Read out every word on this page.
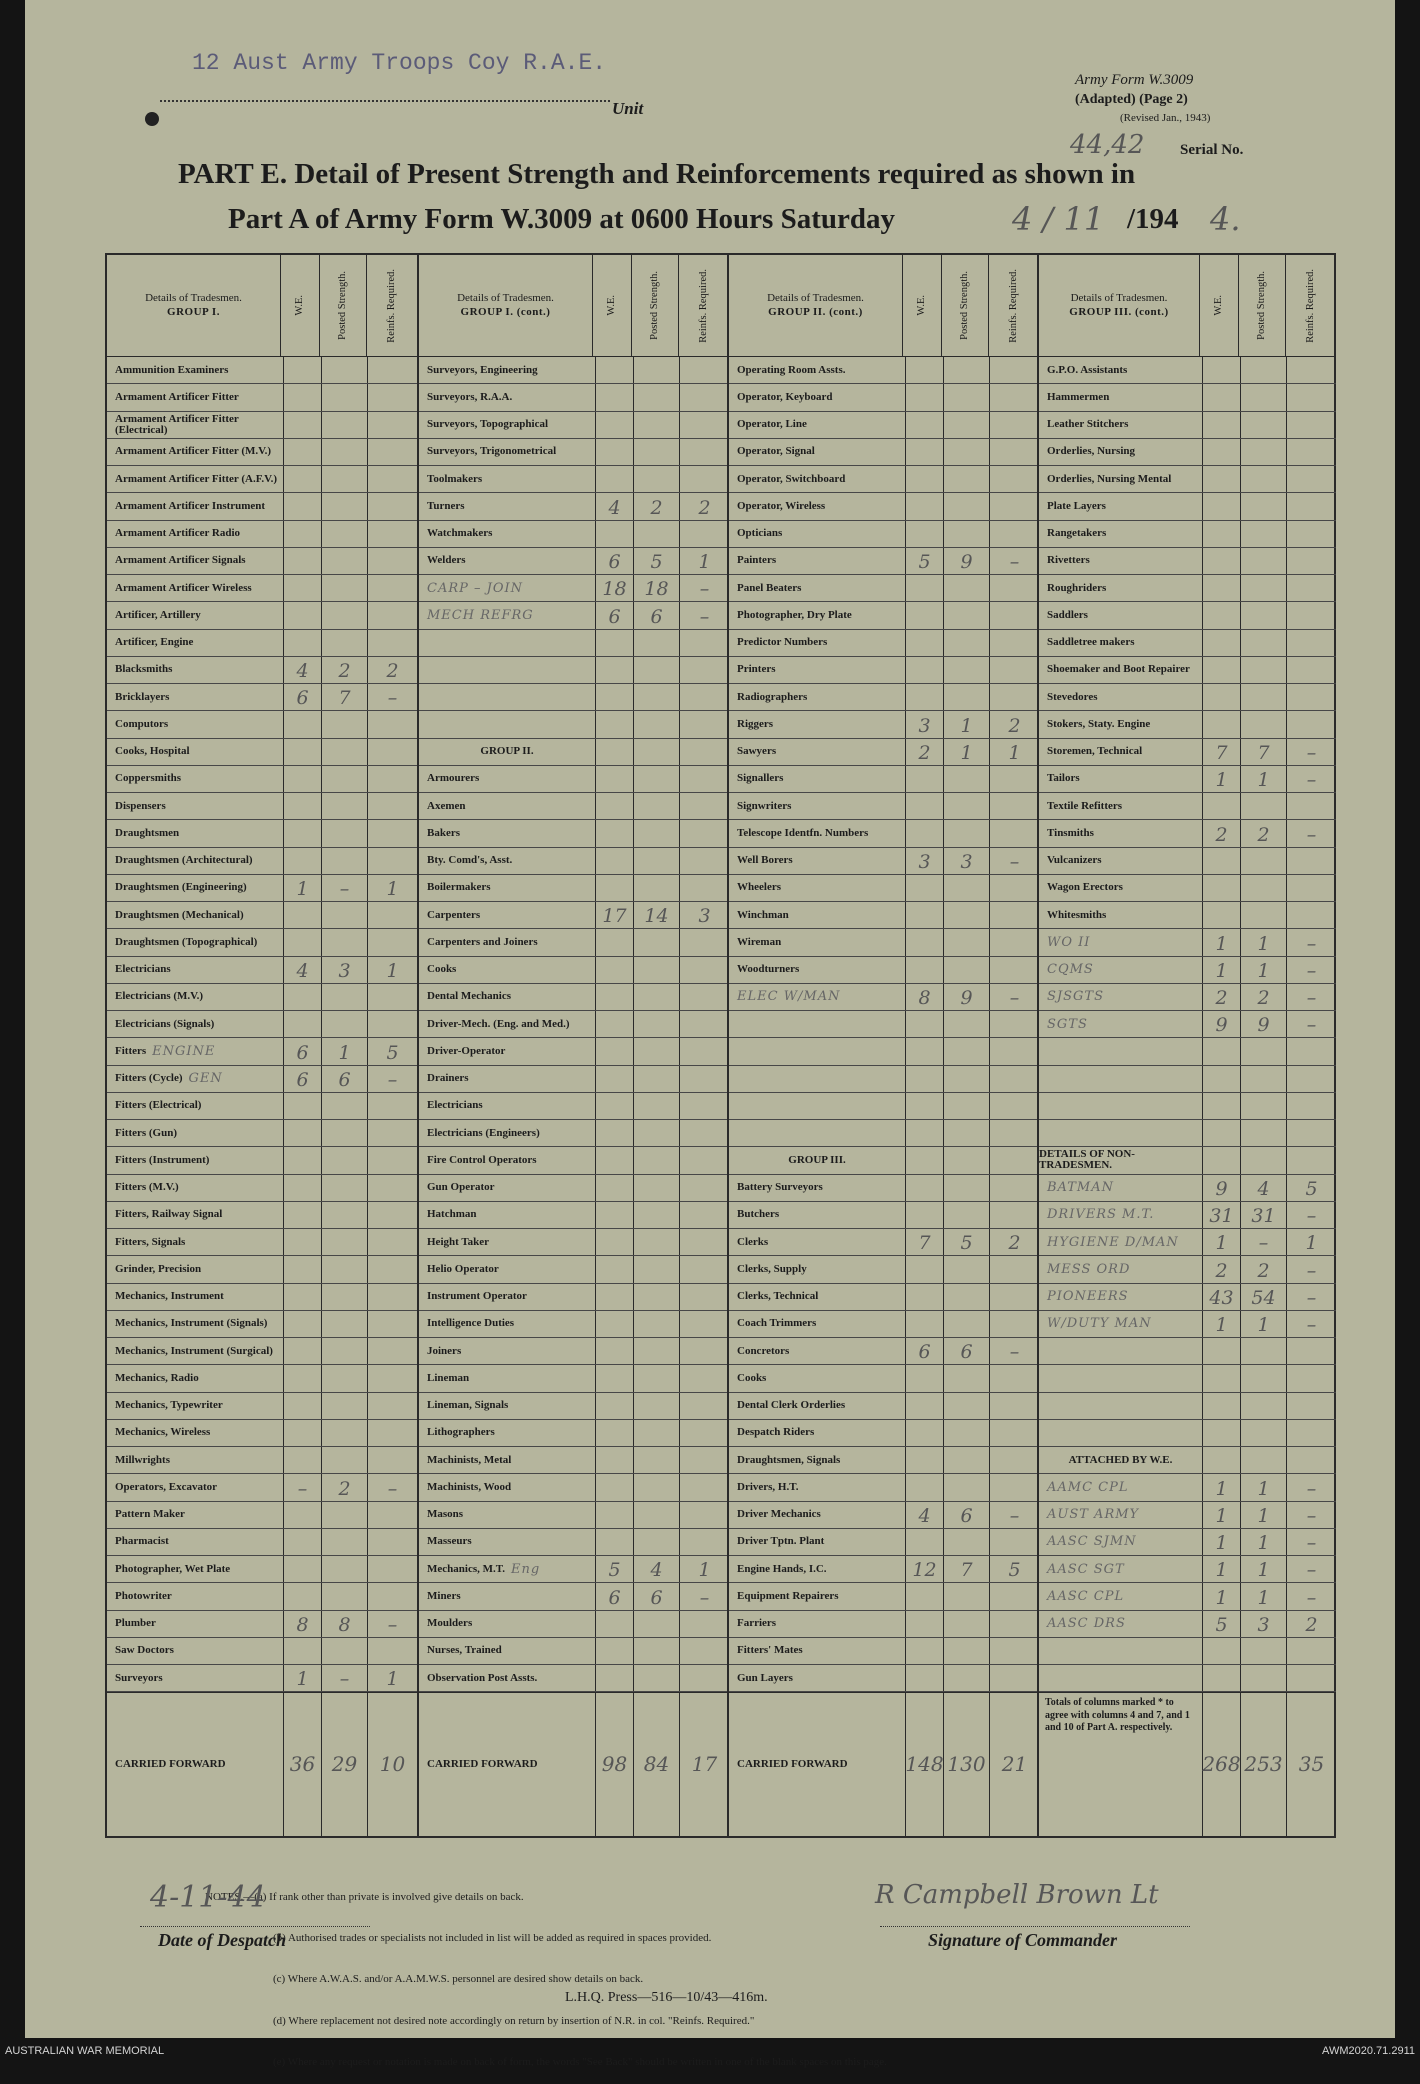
12 Aust Army Troops Coy R.A.E.
Unit
Army Form W.3009
(Adapted) (Page 2)
(Revised Jan., 1943)
44,42 Serial No.
PART E. Detail of Present Strength and Reinforcements required as shown in
Part A of Army Form W.3009 at 0600 Hours Saturday	4 / 11 /194 4.
Details of Tradesmen.
GROUP I.	W.E.	Posted Strength.	Reinfs. Required.
Ammunition Examiners
Armament Artificer Fitter
Armament Artificer Fitter (Electrical)
Armament Artificer Fitter (M.V.)
Armament Artificer Fitter (A.F.V.)
Armament Artificer Instrument
Armament Artificer Radio
Armament Artificer Signals
Armament Artificer Wireless
Artificer, Artillery
Artificer, Engine
Blacksmiths	4	2	2
Bricklayers	6	7	–
Computors
Cooks, Hospital
Coppersmiths
Dispensers
Draughtsmen
Draughtsmen (Architectural)
Draughtsmen (Engineering)	1	–	1
Draughtsmen (Mechanical)
Draughtsmen (Topographical)
Electricians	4	3	1
Electricians (M.V.)
Electricians (Signals)
Fitters ENGINE	6	1	5
Fitters (Cycle) GEN	6	6	–
Fitters (Electrical)
Fitters (Gun)
Fitters (Instrument)
Fitters (M.V.)
Fitters, Railway Signal
Fitters, Signals
Grinder, Precision
Mechanics, Instrument
Mechanics, Instrument (Signals)
Mechanics, Instrument (Surgical)
Mechanics, Radio
Mechanics, Typewriter
Mechanics, Wireless
Millwrights
Operators, Excavator	–	2	–
Pattern Maker
Pharmacist
Photographer, Wet Plate
Photowriter
Plumber	8	8	–
Saw Doctors
Surveyors	1	–	1
CARRIED FORWARD	36 29	10
Details of Tradesmen.
GROUP I. (cont.)	W.E.	Posted Strength.	Reinfs. Required.
Surveyors, Engineering
Surveyors, R.A.A.
Surveyors, Topographical
Surveyors, Trigonometrical
Toolmakers
Turners	4	2	2
Watchmakers
Welders	6	5	1
CARP – JOIN	18 18	–
MECH REFRG	6	6	–
GROUP II.
Armourers
Axemen
Bakers
Bty. Comd's, Asst.
Boilermakers
Carpenters	17 14	3
Carpenters and Joiners
Cooks
Dental Mechanics
Driver-Mech. (Eng. and Med.)
Driver-Operator
Drainers
Electricians
Electricians (Engineers)
Fire Control Operators
Gun Operator
Hatchman
Height Taker
Helio Operator
Instrument Operator
Intelligence Duties
Joiners
Lineman
Lineman, Signals
Lithographers
Machinists, Metal
Machinists, Wood
Masons
Masseurs
Mechanics, M.T. Eng	5	4	1
Miners	6	6	–
Moulders
Nurses, Trained
Observation Post Assts.
CARRIED FORWARD	98 84	17
Details of Tradesmen.
GROUP II. (cont.)	W.E.	Posted Strength.	Reinfs. Required.
Operating Room Assts.
Operator, Keyboard
Operator, Line
Operator, Signal
Operator, Switchboard
Operator, Wireless
Opticians
Painters	5	9	–
Panel Beaters
Photographer, Dry Plate
Predictor Numbers
Printers
Radiographers
Riggers	3	1	2
Sawyers	2	1	1
Signallers
Signwriters
Telescope Identfn. Numbers
Well Borers	3	3	–
Wheelers
Winchman
Wireman
Woodturners
ELEC W/MAN	8	9	–
GROUP III.
Battery Surveyors
Butchers
Clerks	7	5	2
Clerks, Supply
Clerks, Technical
Coach Trimmers
Concretors	6	6	–
Cooks
Dental Clerk Orderlies
Despatch Riders
Draughtsmen, Signals
Drivers, H.T.
Driver Mechanics	4	6	–
Driver Tptn. Plant
Engine Hands, I.C.	12	7	5
Equipment Repairers
Farriers
Fitters' Mates
Gun Layers
CARRIED FORWARD	148 130 21
Details of Tradesmen.
GROUP III. (cont.)	W.E.	Posted Strength.	Reinfs. Required.
G.P.O. Assistants
Hammermen
Leather Stitchers
Orderlies, Nursing
Orderlies, Nursing Mental
Plate Layers
Rangetakers
Rivetters
Roughriders
Saddlers
Saddletree makers
Shoemaker and Boot Repairer
Stevedores
Stokers, Staty. Engine
Storemen, Technical	7	7	–
Tailors	1	1	–
Textile Refitters
Tinsmiths	2	2	–
Vulcanizers
Wagon Erectors
Whitesmiths
WO II	1	1	–
CQMS	1	1	–
SJSGTS	2	2	–
SGTS	9	9	–
DETAILS OF NON-TRADESMEN.
BATMAN	9	4	5
DRIVERS M.T.	31 31	–
HYGIENE D/MAN	1	–	1
MESS ORD	2	2	–
PIONEERS	43 54	–
W/DUTY MAN	1	1	–
ATTACHED BY W.E.
AAMC CPL	1	1	–
AUST ARMY	1	1	–
AASC SJMN	1	1	–
AASC SGT	1	1	–
AASC CPL	1	1	–
AASC DRS	5	3	2
Totals of columns marked * to agree with columns 4 and 7, and 1 and 10 of Part A. respectively.
268 253 35

NOTES.—(a) If rank other than private is involved give details on back.

(b) Authorised trades or specialists not included in list will be added as required in spaces provided.

(c) Where A.W.A.S. and/or A.A.M.W.S. personnel are desired show details on back.

(d) Where replacement not desired note accordingly on return by insertion of N.R. in col. "Reinfs. Required."

(e) Where any request or notation is made on back of form, the words "See Back" should be written in one of the blank spaces on this page.

4-11-44
Date of Despatch
R Campbell Brown Lt
Signature of Commander
L.H.Q. Press—516—10/43—416m.
AUSTRALIAN WAR MEMORIAL	AWM2020.71.2911
